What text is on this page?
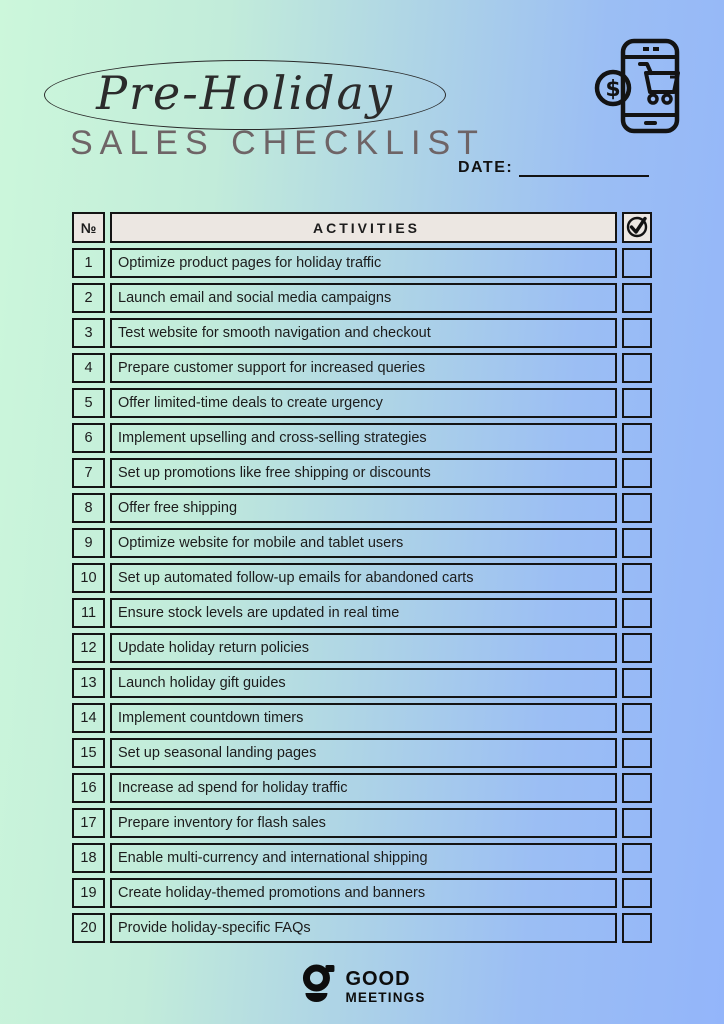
Pre-Holiday
SALES CHECKLIST
$
DATE:
№	ACTIVITIES
1	Optimize product pages for holiday traffic
2	Launch email and social media campaigns
3	Test website for smooth navigation and checkout
4	Prepare customer support for increased queries
5	Offer limited-time deals to create urgency
6	Implement upselling and cross-selling strategies
7	Set up promotions like free shipping or discounts
8	Offer free shipping
9	Optimize website for mobile and tablet users
10	Set up automated follow-up emails for abandoned carts
11	Ensure stock levels are updated in real time
12	Update holiday return policies
13	Launch holiday gift guides
14	Implement countdown timers
15	Set up seasonal landing pages
16	Increase ad spend for holiday traffic
17	Prepare inventory for flash sales
18	Enable multi-currency and international shipping
19	Create holiday-themed promotions and banners
20	Provide holiday-specific FAQs
GOOD
MEETINGS
